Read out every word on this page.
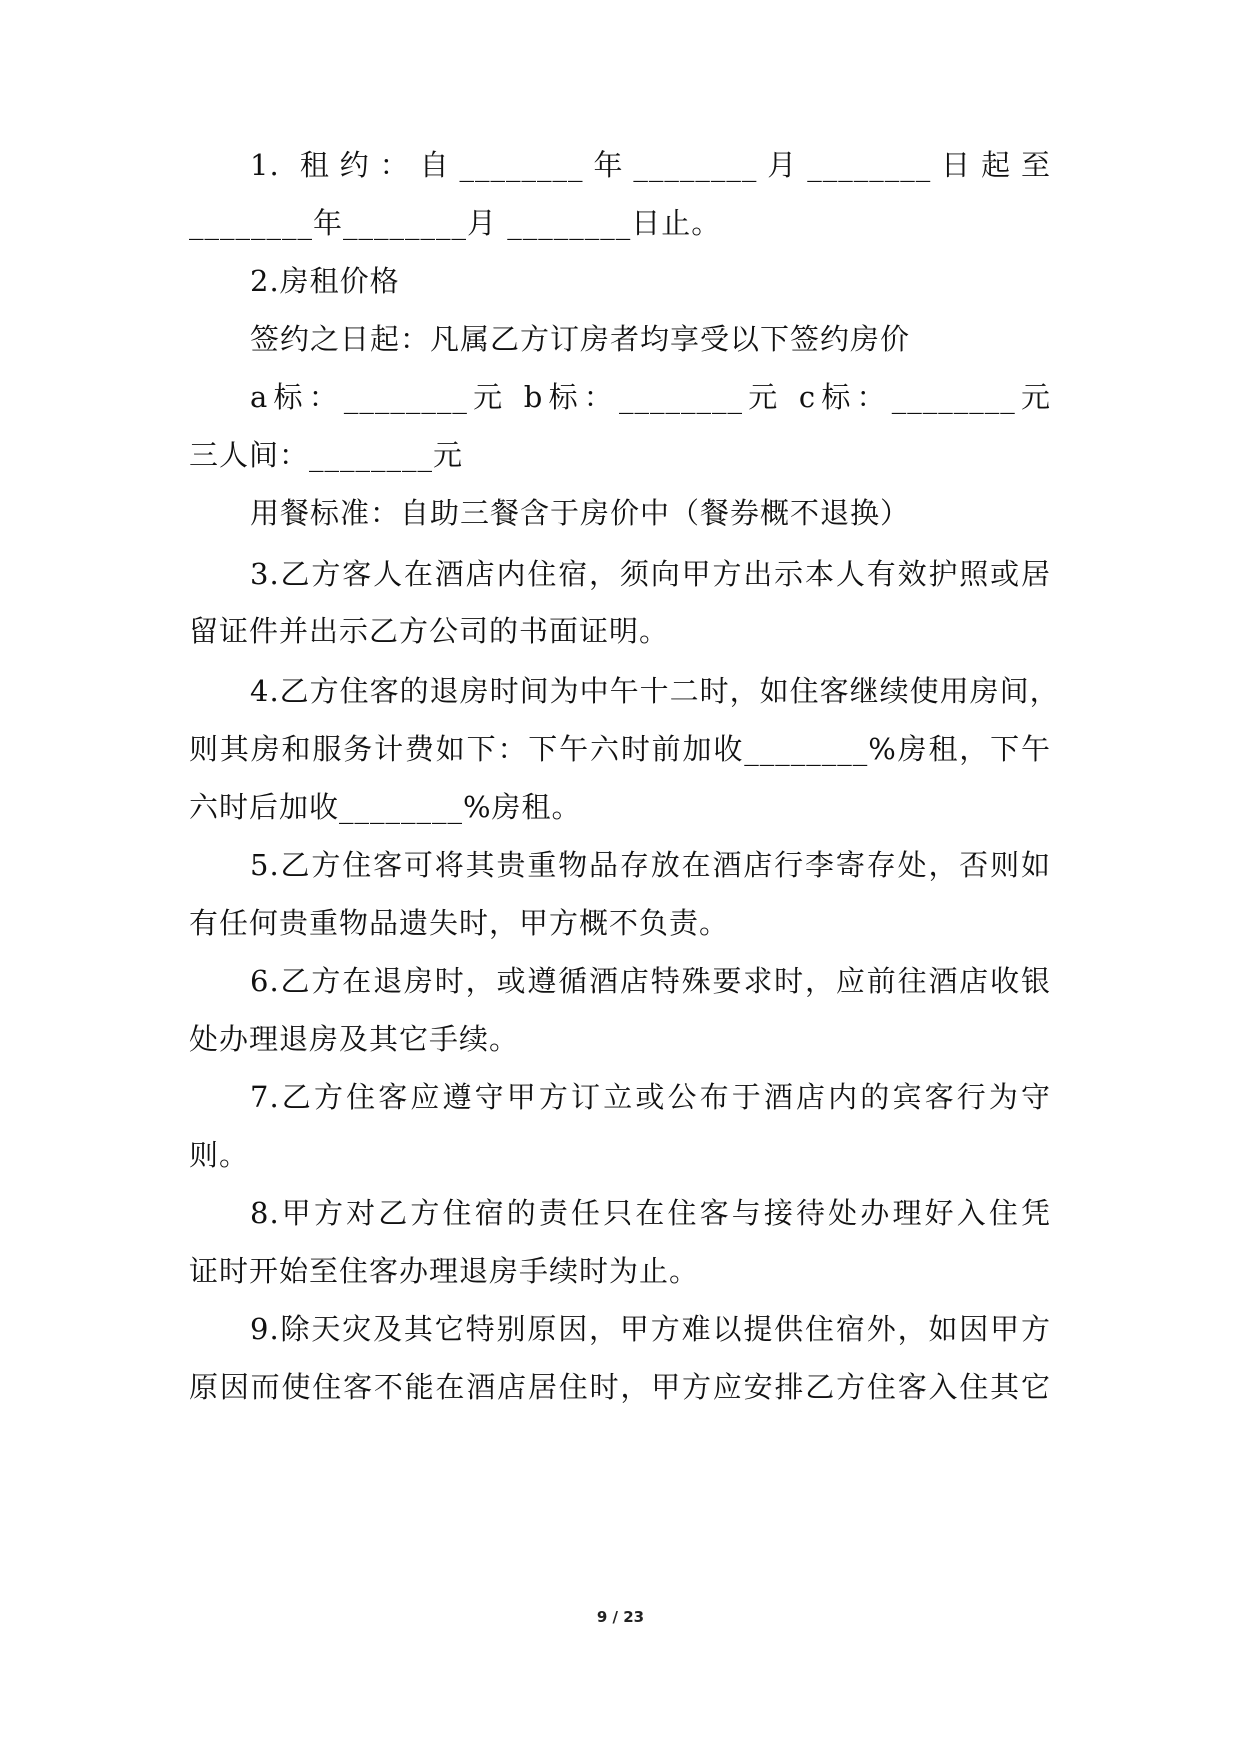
1. 租约：自________年________月________日起至
________年________月 ________日止。
2.房租价格
签约之日起：凡属乙方订房者均享受以下签约房价
a标：________元 b标：________元 c标：________元
三人间：________元
用餐标准：自助三餐含于房价中（餐券概不退换）
3.乙方客人在酒店内住宿，须向甲方出示本人有效护照或居
留证件并出示乙方公司的书面证明。
4.乙方住客的退房时间为中午十二时，如住客继续使用房间，
则其房和服务计费如下：下午六时前加收________%房租，下午
六时后加收________%房租。
5.乙方住客可将其贵重物品存放在酒店行李寄存处，否则如
有任何贵重物品遗失时，甲方概不负责。
6.乙方在退房时，或遵循酒店特殊要求时，应前往酒店收银
处办理退房及其它手续。
7.乙方住客应遵守甲方订立或公布于酒店内的宾客行为守
则。
8.甲方对乙方住宿的责任只在住客与接待处办理好入住凭
证时开始至住客办理退房手续时为止。
9.除天灾及其它特别原因，甲方难以提供住宿外，如因甲方
原因而使住客不能在酒店居住时，甲方应安排乙方住客入住其它
9 / 23
